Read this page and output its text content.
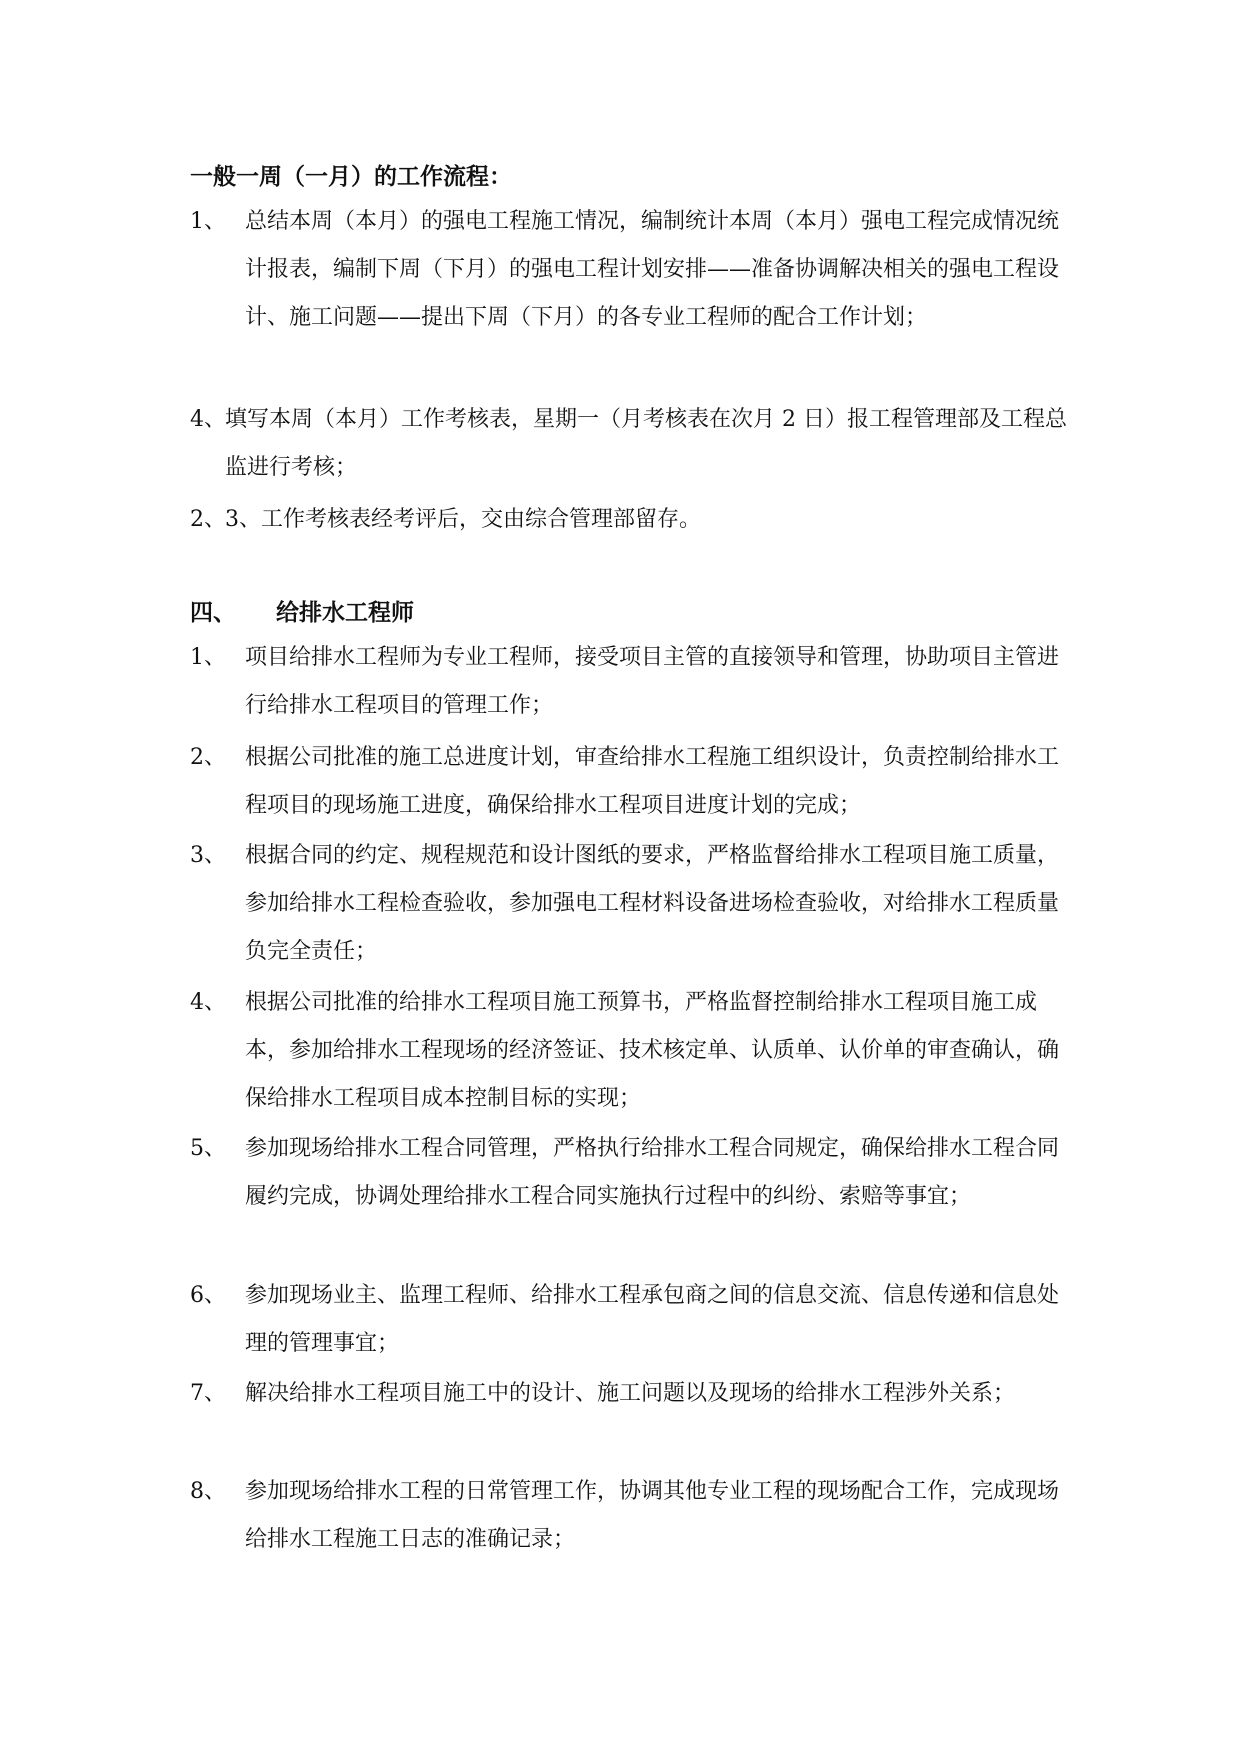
一般一周（一月）的工作流程：
1、 总结本周（本月）的强电工程施工情况，编制统计本周（本月）强电工程完成情况统计报表，编制下周（下月）的强电工程计划安排——准备协调解决相关的强电工程设计、施工问题——提出下周（下月）的各专业工程师的配合工作计划；
4、 填写本周（本月）工作考核表，星期一（月考核表在次月 2 日）报工程管理部及工程总监进行考核；
2、 3、工作考核表经考评后，交由综合管理部留存。
四、 给排水工程师
1、 项目给排水工程师为专业工程师，接受项目主管的直接领导和管理，协助项目主管进行给排水工程项目的管理工作；
2、 根据公司批准的施工总进度计划，审查给排水工程施工组织设计，负责控制给排水工程项目的现场施工进度，确保给排水工程项目进度计划的完成；
3、 根据合同的约定、规程规范和设计图纸的要求，严格监督给排水工程项目施工质量，参加给排水工程检查验收，参加强电工程材料设备进场检查验收，对给排水工程质量负完全责任；
4、 根据公司批准的给排水工程项目施工预算书，严格监督控制给排水工程项目施工成本，参加给排水工程现场的经济签证、技术核定单、认质单、认价单的审查确认，确保给排水工程项目成本控制目标的实现；
5、 参加现场给排水工程合同管理，严格执行给排水工程合同规定，确保给排水工程合同履约完成，协调处理给排水工程合同实施执行过程中的纠纷、索赔等事宜；
6、 参加现场业主、监理工程师、给排水工程承包商之间的信息交流、信息传递和信息处理的管理事宜；
7、 解决给排水工程项目施工中的设计、施工问题以及现场的给排水工程涉外关系；
8、 参加现场给排水工程的日常管理工作，协调其他专业工程的现场配合工作，完成现场给排水工程施工日志的准确记录；
